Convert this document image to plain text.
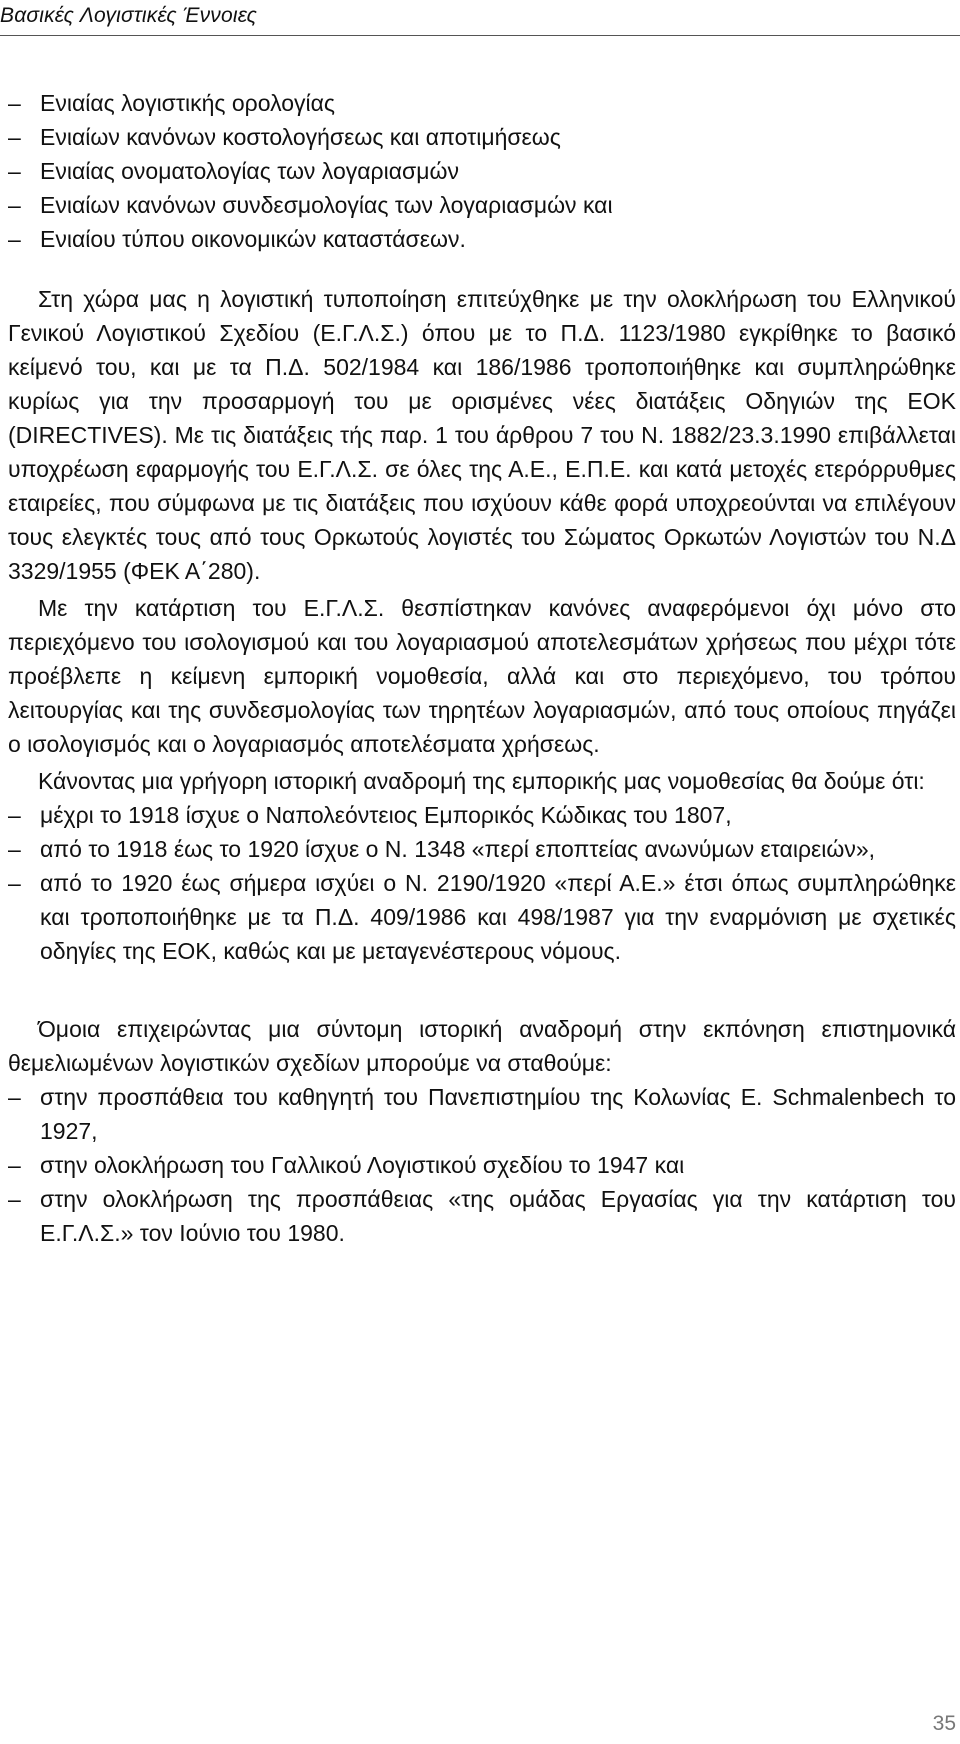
Βασικές Λογιστικές Έννοιες
– Ενιαίας λογιστικής ορολογίας
– Ενιαίων κανόνων κοστολογήσεως και αποτιμήσεως
– Ενιαίας ονοματολογίας των λογαριασμών
– Ενιαίων κανόνων συνδεσμολογίας των λογαριασμών και
– Ενιαίου τύπου οικονομικών καταστάσεων.

Στη χώρα μας η λογιστική τυποποίηση επιτεύχθηκε με την ολοκλήρωση του Ελληνικού Γενικού Λογιστικού Σχεδίου (Ε.Γ.Λ.Σ.) όπου με το Π.Δ. 1123/1980 εγκρίθηκε το βασικό κείμενό του, και με τα Π.Δ. 502/1984 και 186/1986 τροποποιήθηκε και συμπληρώθηκε κυρίως για την προσαρμογή του με ορισμένες νέες διατάξεις Οδηγιών της ΕΟΚ (DIRECTIVES). Με τις διατάξεις τής παρ. 1 του άρθρου 7 του Ν. 1882/23.3.1990 επιβάλλεται υποχρέωση εφαρμογής του Ε.Γ.Λ.Σ. σε όλες της Α.Ε., Ε.Π.Ε. και κατά μετοχές ετερόρρυθμες εταιρείες, που σύμφωνα με τις διατάξεις που ισχύουν κάθε φορά υποχρεούνται να επιλέγουν τους ελεγκτές τους από τους Ορκωτούς λογιστές του Σώματος Ορκωτών Λογιστών του Ν.Δ 3329/1955 (ΦΕΚ Α΄280).

Με την κατάρτιση του Ε.Γ.Λ.Σ. θεσπίστηκαν κανόνες αναφερόμενοι όχι μόνο στο περιεχόμενο του ισολογισμού και του λογαριασμού αποτελεσμάτων χρήσεως που μέχρι τότε προέβλεπε η κείμενη εμπορική νομοθεσία, αλλά και στο περιεχόμενο, του τρόπου λειτουργίας και της συνδεσμολογίας των τηρητέων λογαριασμών, από τους οποίους πηγάζει ο ισολογισμός και ο λογαριασμός αποτελέσματα χρήσεως.

Κάνοντας μια γρήγορη ιστορική αναδρομή της εμπορικής μας νομοθεσίας θα δούμε ότι:

– μέχρι το 1918 ίσχυε ο Ναπολεόντειος Εμπορικός Κώδικας του 1807,
– από το 1918 έως το 1920 ίσχυε ο Ν. 1348 «περί εποπτείας ανωνύμων εταιρειών»,
– από το 1920 έως σήμερα ισχύει ο Ν. 2190/1920 «περί Α.Ε.» έτσι όπως συμπληρώθηκε και τροποποιήθηκε με τα Π.Δ. 409/1986 και 498/1987 για την εναρμόνιση με σχετικές οδηγίες της ΕΟΚ, καθώς και με μεταγενέστερους νόμους.

Όμοια επιχειρώντας μια σύντομη ιστορική αναδρομή στην εκπόνηση επιστημονικά θεμελιωμένων λογιστικών σχεδίων μπορούμε να σταθούμε:

– στην προσπάθεια του καθηγητή του Πανεπιστημίου της Κολωνίας E. Schmalenbech το 1927,
– στην ολοκλήρωση του Γαλλικού Λογιστικού σχεδίου το 1947 και
– στην ολοκλήρωση της προσπάθειας «της ομάδας Εργασίας για την κατάρτιση του Ε.Γ.Λ.Σ.» τον Ιούνιο του 1980.
35
